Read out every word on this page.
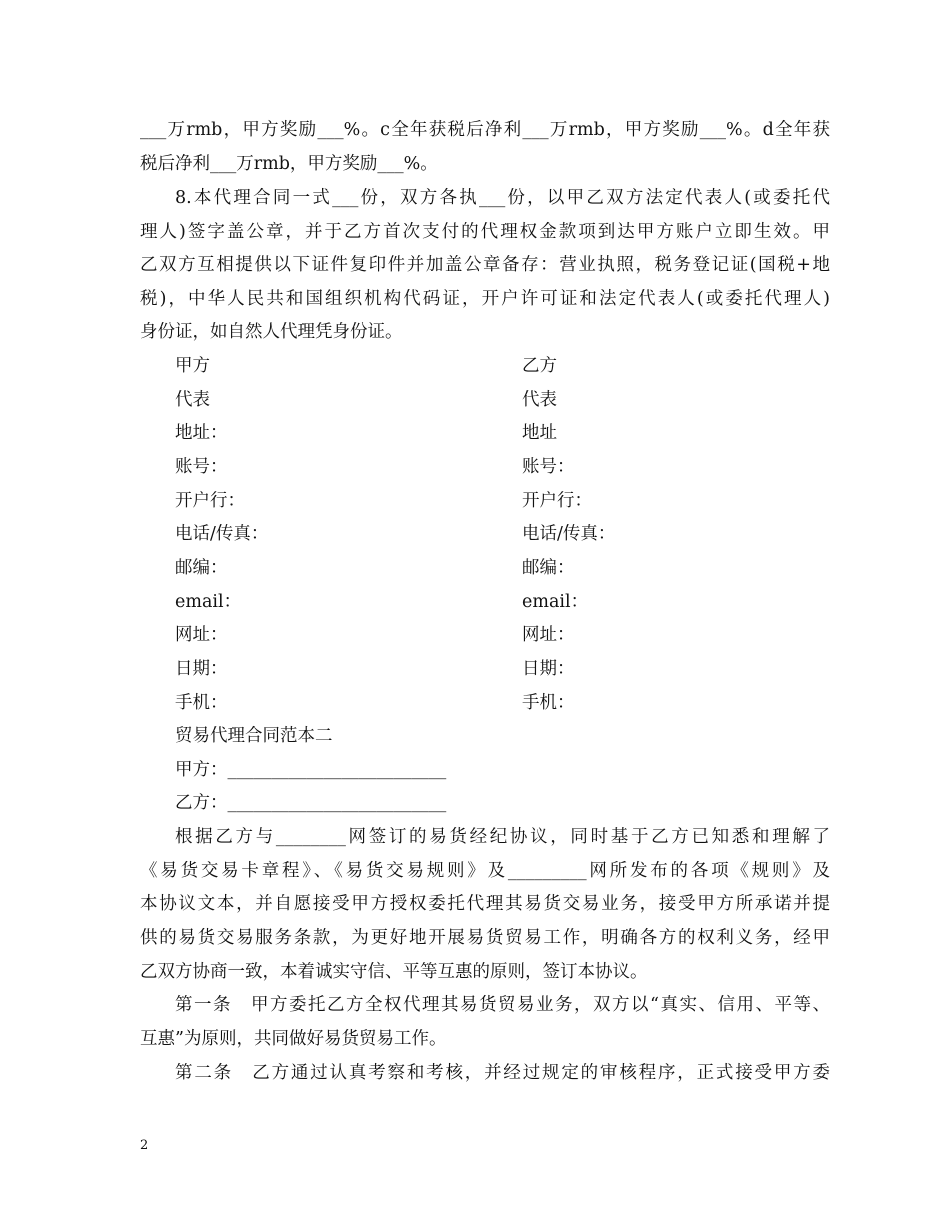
___万rmb，甲方奖励___%。c全年获税后净利___万rmb，甲方奖励___%。d全年获
税后净利___万rmb，甲方奖励___%。
8.本代理合同一式___份，双方各执___份，以甲乙双方法定代表人(或委托代
理人)签字盖公章，并于乙方首次支付的代理权金款项到达甲方账户立即生效。甲
乙双方互相提供以下证件复印件并加盖公章备存：营业执照，税务登记证(国税+地
税)，中华人民共和国组织机构代码证，开户许可证和法定代表人(或委托代理人)
身份证，如自然人代理凭身份证。
甲方	乙方
代表	代表
地址：	地址
账号：	账号：
开户行：	开户行：
电话/传真：	电话/传真：
邮编：	邮编：
email：	email：
网址：	网址：
日期：	日期：
手机：	手机：
贸易代理合同范本二
甲方：_________________________
乙方：_________________________
根据乙方与________网签订的易货经纪协议，同时基于乙方已知悉和理解了
《易货交易卡章程》、《易货交易规则》及_________网所发布的各项《规则》及
本协议文本，并自愿接受甲方授权委托代理其易货交易业务，接受甲方所承诺并提
供的易货交易服务条款，为更好地开展易货贸易工作，明确各方的权利义务，经甲
乙双方协商一致，本着诚实守信、平等互惠的原则，签订本协议。
第一条　甲方委托乙方全权代理其易货贸易业务，双方以“真实、信用、平等、
互惠”为原则，共同做好易货贸易工作。
第二条　乙方通过认真考察和考核，并经过规定的审核程序，正式接受甲方委
2
